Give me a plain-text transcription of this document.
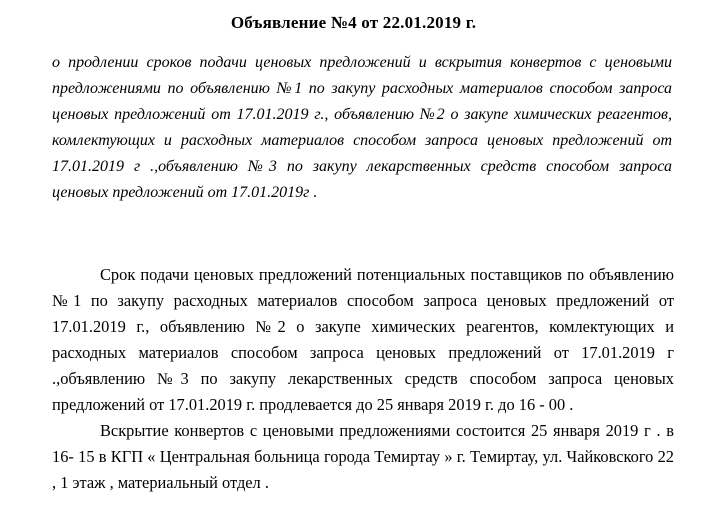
Объявление №4 от 22.01.2019 г.
о продлении сроков подачи ценовых предложений и вскрытия конвертов с ценовыми предложениями по объявлению №1 по закупу расходных материалов способом запроса ценовых предложений от 17.01.2019 г., объявлению №2 о закупе химических реагентов, комлектующих и расходных материалов способом запроса ценовых предложений от 17.01.2019 г .,объявлению №3 по закупу лекарственных средств способом запроса ценовых предложений от 17.01.2019г .

Срок подачи ценовых предложений потенциальных поставщиков по объявлению №1 по закупу расходных материалов способом запроса ценовых предложений от 17.01.2019 г., объявлению №2 о закупе химических реагентов, комлектующих и расходных материалов способом запроса ценовых предложений от 17.01.2019 г .,объявлению №3 по закупу лекарственных средств способом запроса ценовых предложений от 17.01.2019 г. продлевается до 25 января 2019 г. до 16 - 00 .

Вскрытие конвертов с ценовыми предложениями состоится 25 января 2019 г . в 16- 15 в КГП « Центральная больница города Темиртау » г. Темиртау, ул. Чайковского 22 , 1 этаж , материальный отдел .
